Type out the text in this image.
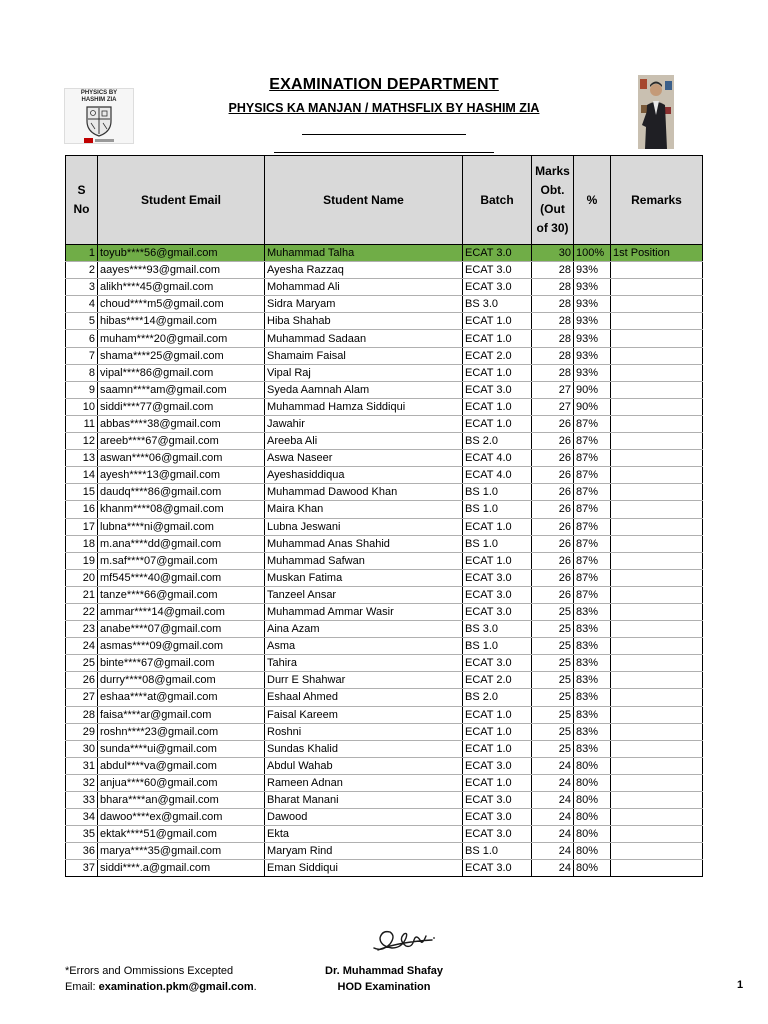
PHYSICS BY
HASHIM ZIA
EXAMINATION DEPARTMENT
PHYSICS KA MANJAN / MATHSFLIX BY HASHIM ZIA
S No	Student Email	Student Name	Batch	Marks Obt. (Out of 30)	%	Remarks
1	toyub****56@gmail.com	Muhammad Talha	ECAT 3.0	30	100%	1st Position
2	aayes****93@gmail.com	Ayesha Razzaq	ECAT 3.0	28	93%	
3	alikh****45@gmail.com	Mohammad Ali	ECAT 3.0	28	93%	
4	choud****m5@gmail.com	Sidra Maryam	BS 3.0	28	93%	
5	hibas****14@gmail.com	Hiba Shahab	ECAT 1.0	28	93%	
6	muham****20@gmail.com	Muhammad Sadaan	ECAT 1.0	28	93%	
7	shama****25@gmail.com	Shamaim Faisal	ECAT 2.0	28	93%	
8	vipal****86@gmail.com	Vipal Raj	ECAT 1.0	28	93%	
9	saamn****am@gmail.com	Syeda Aamnah Alam	ECAT 3.0	27	90%	
10	siddi****77@gmail.com	Muhammad Hamza Siddiqui	ECAT 1.0	27	90%	
11	abbas****38@gmail.com	Jawahir	ECAT 1.0	26	87%	
12	areeb****67@gmail.com	Areeba Ali	BS 2.0	26	87%	
13	aswan****06@gmail.com	Aswa Naseer	ECAT 4.0	26	87%	
14	ayesh****13@gmail.com	Ayeshasiddiqua	ECAT 4.0	26	87%	
15	daudq****86@gmail.com	Muhammad Dawood Khan	BS 1.0	26	87%	
16	khanm****08@gmail.com	Maira Khan	BS 1.0	26	87%	
17	lubna****ni@gmail.com	Lubna Jeswani	ECAT 1.0	26	87%	
18	m.ana****dd@gmail.com	Muhammad Anas Shahid	BS 1.0	26	87%	
19	m.saf****07@gmail.com	Muhammad Safwan	ECAT 1.0	26	87%	
20	mf545****40@gmail.com	Muskan Fatima	ECAT 3.0	26	87%	
21	tanze****66@gmail.com	Tanzeel Ansar	ECAT 3.0	26	87%	
22	ammar****14@gmail.com	Muhammad Ammar Wasir	ECAT 3.0	25	83%	
23	anabe****07@gmail.com	Aina Azam	BS 3.0	25	83%	
24	asmas****09@gmail.com	Asma	BS 1.0	25	83%	
25	binte****67@gmail.com	Tahira	ECAT 3.0	25	83%	
26	durry****08@gmail.com	Durr E Shahwar	ECAT 2.0	25	83%	
27	eshaa****at@gmail.com	Eshaal Ahmed	BS 2.0	25	83%	
28	faisa****ar@gmail.com	Faisal Kareem	ECAT 1.0	25	83%	
29	roshn****23@gmail.com	Roshni	ECAT 1.0	25	83%	
30	sunda****ui@gmail.com	Sundas Khalid	ECAT 1.0	25	83%	
31	abdul****va@gmail.com	Abdul Wahab	ECAT 3.0	24	80%	
32	anjua****60@gmail.com	Rameen Adnan	ECAT 1.0	24	80%	
33	bhara****an@gmail.com	Bharat Manani	ECAT 3.0	24	80%	
34	dawoo****ex@gmail.com	Dawood	ECAT 3.0	24	80%	
35	ektak****51@gmail.com	Ekta	ECAT 3.0	24	80%	
36	marya****35@gmail.com	Maryam Rind	BS 1.0	24	80%	
37	siddi****.a@gmail.com	Eman Siddiqui	ECAT 3.0	24	80%	
*Errors and Ommissions Excepted
Email: examination.pkm@gmail.com.
Dr. Muhammad Shafay
HOD Examination	1
